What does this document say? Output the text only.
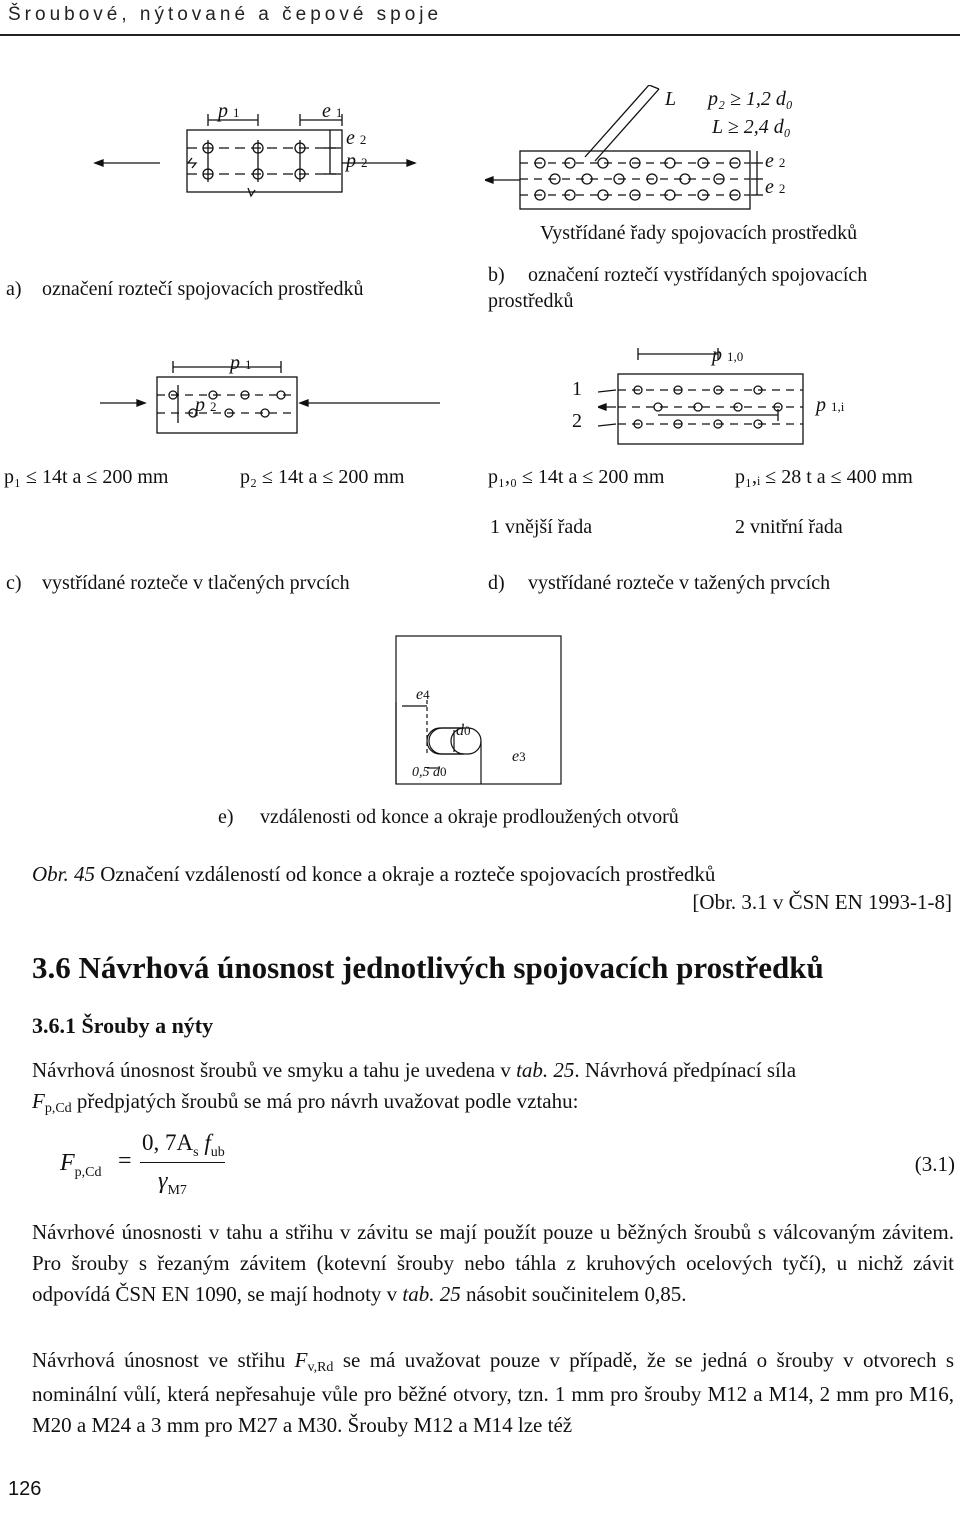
Šroubové, nýtované a čepové spoje
p 1	e 1
e 2
p 2
L p₂ ≥ 1,2 d₀
L ≥ 2,4 d₀
e 2
e 2
Vystřídané řady spojovacích prostředků
a) označení roztečí spojovacích prostředků
b) označení roztečí vystřídaných spojovacích
prostředků
p 1
p 2
p 1,0
p 1,i
1
2
p₁ ≤ 14t a ≤ 200 mm	p₂ ≤ 14t a ≤ 200 mm	p₁,₀ ≤ 14t a ≤ 200 mm	p₁,ᵢ ≤ 28 t a ≤ 400 mm
1 vnější řada	2 vnitřní řada
c) vystřídané rozteče v tlačených prvcích	d) vystřídané rozteče v tažených prvcích
e4
d0
e3
0,5 d0
e) vzdálenosti od konce a okraje prodloužených otvorů
Obr. 45 Označení vzdáleností od konce a okraje a rozteče spojovacích prostředků
[Obr. 3.1 v ČSN EN 1993-1-8]
3.6 Návrhová únosnost jednotlivých spojovacích prostředků
3.6.1 Šrouby a nýty
Návrhová únosnost šroubů ve smyku a tahu je uvedena v tab. 25. Návrhová předpínací síla
Fp,Cd předpjatých šroubů se má pro návrh uvažovat podle vztahu:
$F_{p,Cd}$ =
0, $7A_s$ $f_{ub}$
$\gamma_{M7}$
(3.1)
Návrhové únosnosti v tahu a střihu v závitu se mají použít pouze u běžných šroubů s válcovaným závitem. Pro šrouby s řezaným závitem (kotevní šrouby nebo táhla z kruhových ocelových tyčí), u nichž závit odpovídá ČSN EN 1090, se mají hodnoty v tab. 25 násobit součinitelem 0,85.
Návrhová únosnost ve střihu Fv,Rd se má uvažovat pouze v případě, že se jedná o šrouby v otvorech s nominální vůlí, která nepřesahuje vůle pro běžné otvory, tzn. 1 mm pro šrouby M12 a M14, 2 mm pro M16, M20 a M24 a 3 mm pro M27 a M30. Šrouby M12 a M14 lze též
126
